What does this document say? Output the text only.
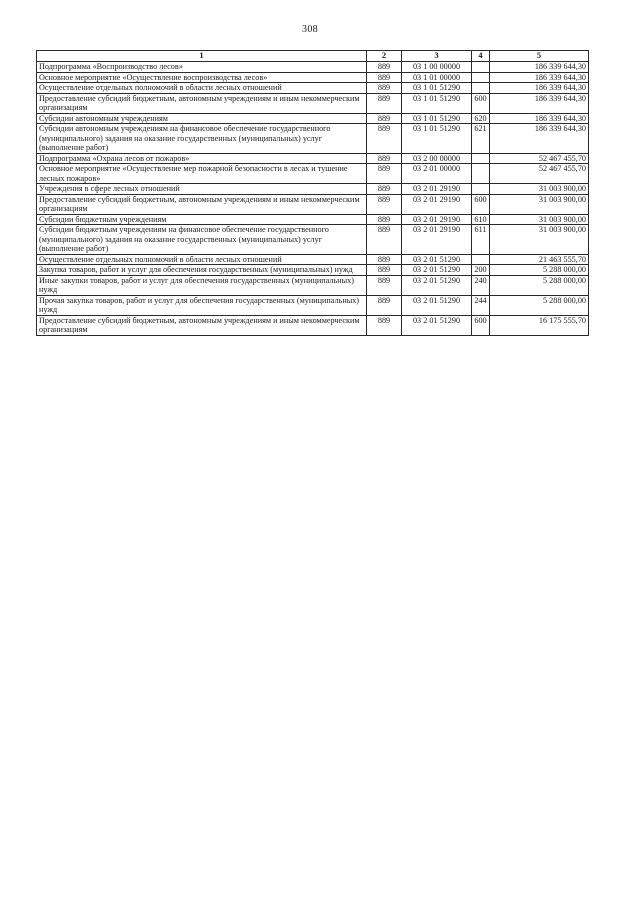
308
1	2	3	4	5
Подпрограмма «Воспроизводство лесов»	889	03 1 00 00000		186 339 644,30
Основное мероприятие «Осуществление воспроизводства лесов»	889	03 1 01 00000		186 339 644,30
Осуществление отдельных полномочий в области лесных отношений	889	03 1 01 51290		186 339 644,30
Предоставление субсидий бюджетным, автономным учреждениям и иным некоммерческим организациям	889	03 1 01 51290	600	186 339 644,30
Субсидии автономным учреждениям	889	03 1 01 51290	620	186 339 644,30
Субсидии автономным учреждениям на финансовое обеспечение государственного (муниципального) задания на оказание государственных (муниципальных) услуг (выполнение работ)	889	03 1 01 51290	621	186 339 644,30
Подпрограмма «Охрана лесов от пожаров»	889	03 2 00 00000		52 467 455,70
Основное мероприятие «Осуществление мер пожарной безопасности в лесах и тушение лесных пожаров»	889	03 2 01 00000		52 467 455,70
Учреждения в сфере лесных отношений	889	03 2 01 29190		31 003 900,00
Предоставление субсидий бюджетным, автономным учреждениям и иным некоммерческим организациям	889	03 2 01 29190	600	31 003 900,00
Субсидии бюджетным учреждениям	889	03 2 01 29190	610	31 003 900,00
Субсидии бюджетным учреждениям на финансовое обеспечение государственного (муниципального) задания на оказание государственных (муниципальных) услуг (выполнение работ)	889	03 2 01 29190	611	31 003 900,00
Осуществление отдельных полномочий в области лесных отношений	889	03 2 01 51290		21 463 555,70
Закупка товаров, работ и услуг для обеспечения государственных (муниципальных) нужд	889	03 2 01 51290	200	5 288 000,00
Иные закупки товаров, работ и услуг для обеспечения государственных (муниципальных) нужд	889	03 2 01 51290	240	5 288 000,00
Прочая закупка товаров, работ и услуг для обеспечения государственных (муниципальных) нужд	889	03 2 01 51290	244	5 288 000,00
Предоставление субсидий бюджетным, автономным учреждениям и иным некоммерческим организациям	889	03 2 01 51290	600	16 175 555,70
